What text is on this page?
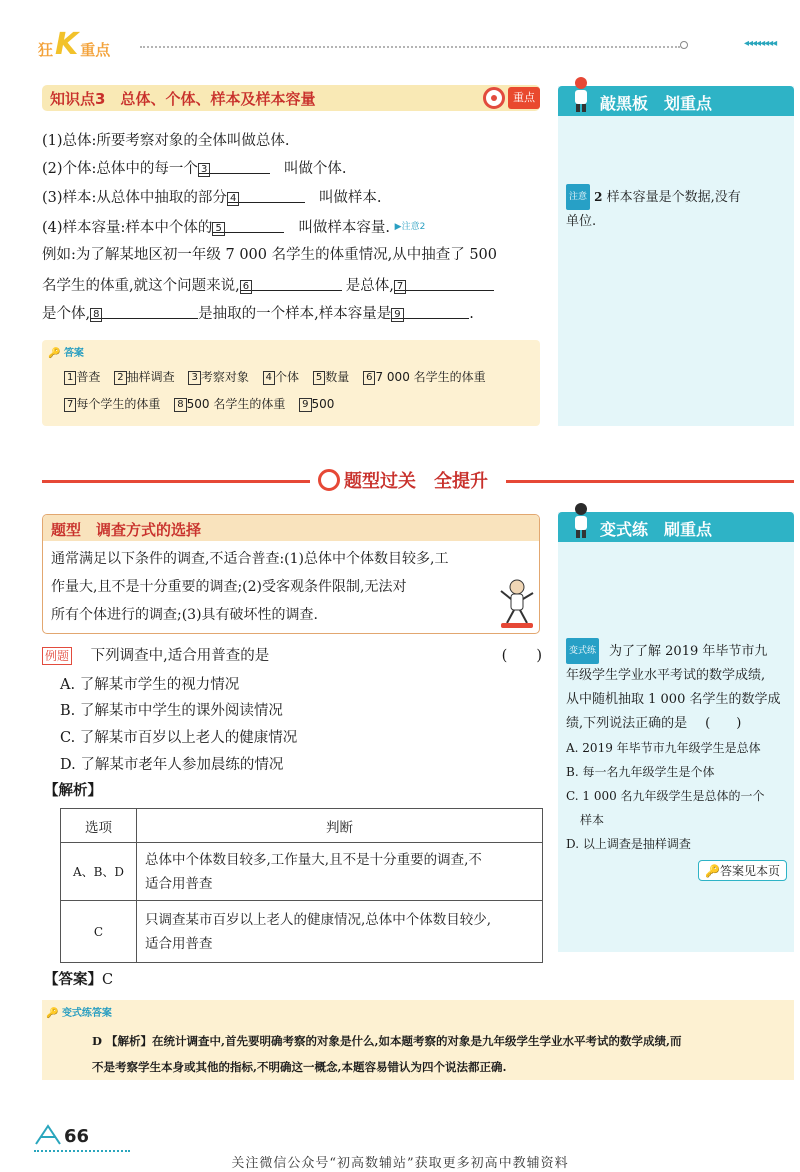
狂 K 重点	◂◂◂◂◂◂◂◂
知识点3　总体、个体、样本及样本容量	重点
(1)总体:所要考察对象的全体叫做总体.
(2)个体:总体中的每一个 3	叫做个体.
(3)样本:从总体中抽取的部分 4	叫做样本.
(4)样本容量:样本中个体的 5	叫做样本容量. $^{▶注意2}$
例如:为了解某地区初一年级 7 000 名学生的体重情况,从中抽查了 500
名学生的体重,就这个问题来说, 6	是总体, 7
是个体, 8	是抽取的一个样本,样本容量是 9	.
🔑 答案
1 普查 2 抽样调查 3 考察对象 4 个体 5 数量 6 7 000 名学生的体重
7 每个学生的体重 8 500 名学生的体重 9 500
敲黑板　划重点
注意 2 样本容量是个数据,没有
单位.
题型过关　全提升
题型　调查方式的选择
通常满足以下条件的调查,不适合普查:(1)总体中个体数目较多,工
作量大,且不是十分重要的调查;(2)受客观条件限制,无法对
所有个体进行的调查;(3)具有破坏性的调查.
例题 下列调查中,适合用普查的是	(　　)
A. 了解某市学生的视力情况
B. 了解某市中学生的课外阅读情况
C. 了解某市百岁以上老人的健康情况
D. 了解某市老年人参加晨练的情况
【解析】
选项	判断
A、B、D	总体中个体数目较多,工作量大,且不是十分重要的调查,不
适合用普查

C	只调查某市百岁以上老人的健康情况,总体中个体数目较少,
适合用普查
【答案】C
变式练　刷重点
变式练 为了了解 2019 年毕节市九
年级学生学业水平考试的数学成绩,
从中随机抽取 1 000 名学生的数学成
绩,下列说法正确的是 (　　)
A. 2019 年毕节市九年级学生是总体
B. 每一名九年级学生是个体
C. 1 000 名九年级学生是总体的一个
样本
D. 以上调查是抽样调查
🔑答案见本页
🔑 变式练答案
D 【解析】在统计调查中,首先要明确考察的对象是什么,如本题考察的对象是九年级学生学业水平考试的数学成绩,而
不是考察学生本身或其他的指标,不明确这一概念,本题容易错认为四个说法都正确.
66
关注微信公众号“初高数辅站”获取更多初高中教辅资料
